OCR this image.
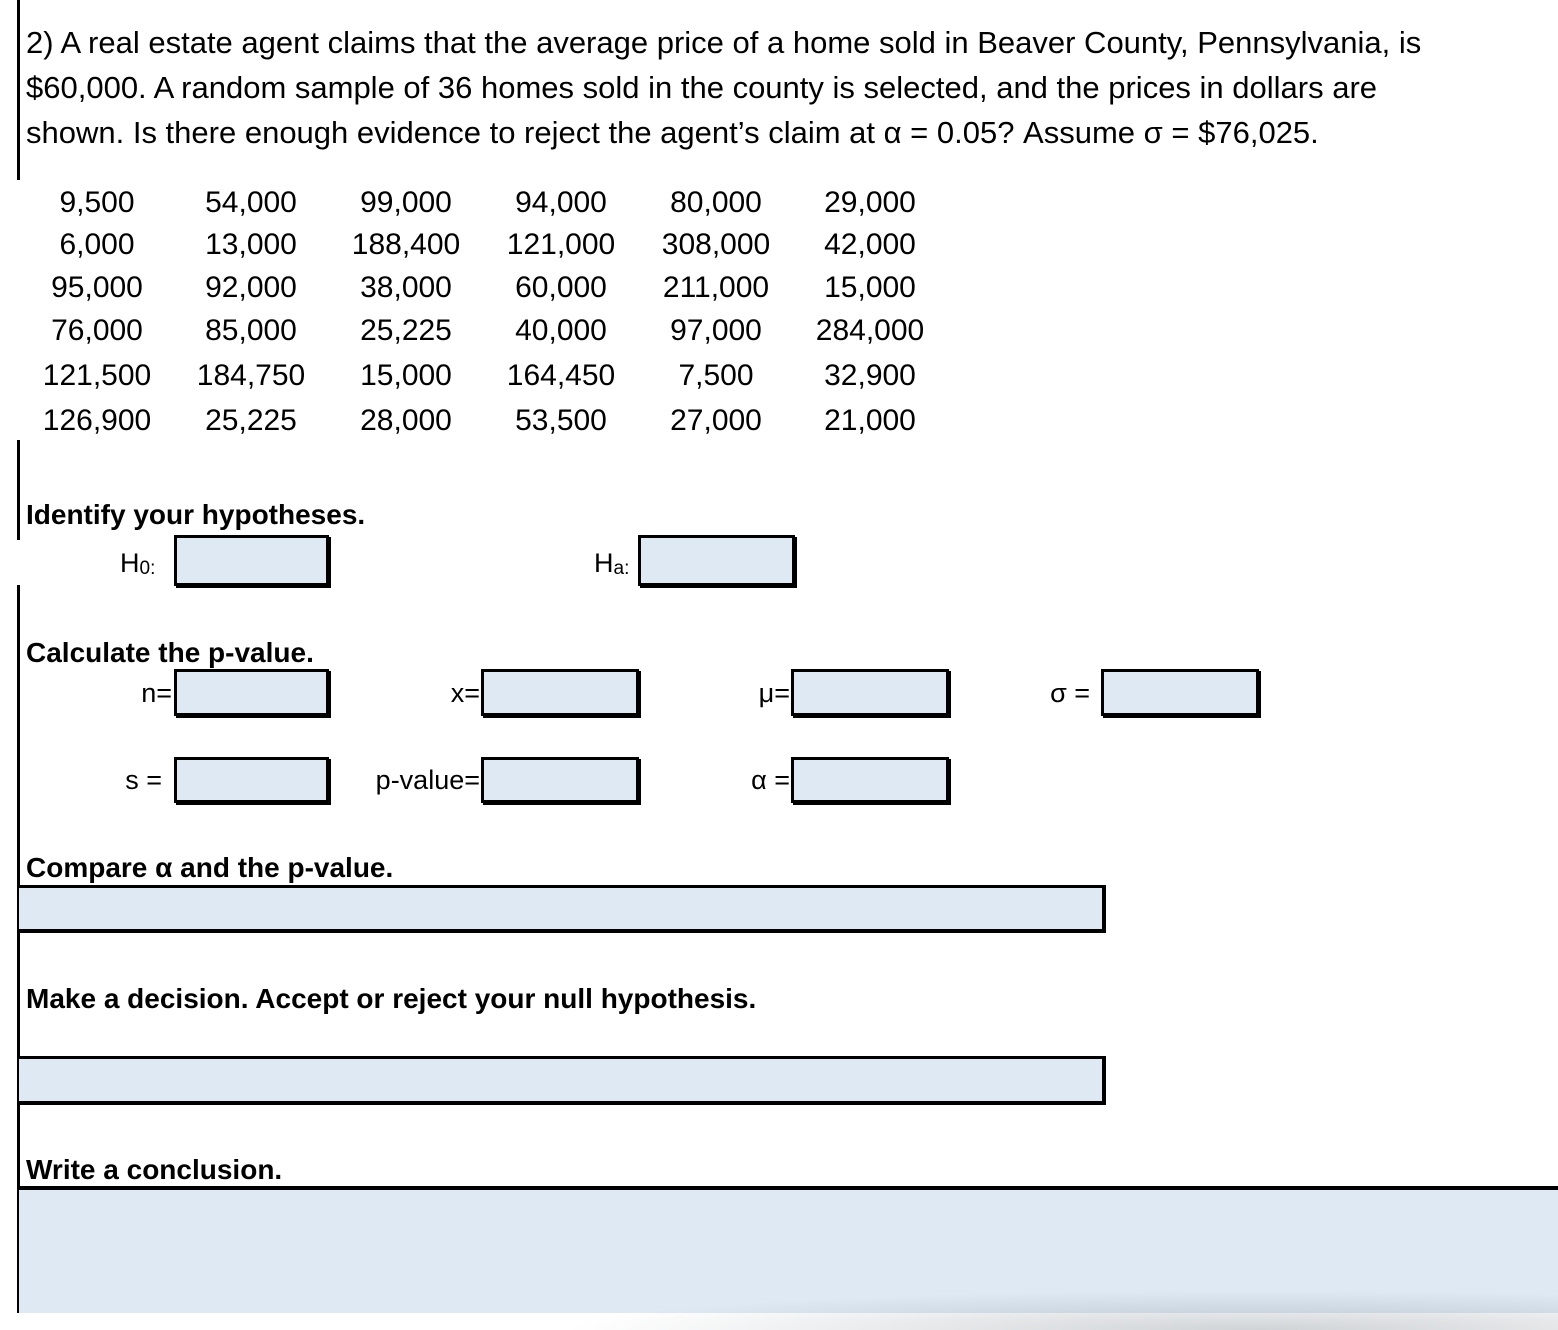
2) A real estate agent claims that the average price of a home sold in Beaver County, Pennsylvania, is

$60,000. A random sample of 36 homes sold in the county is selected, and the prices in dollars are

shown. Is there enough evidence to reject the agent’s claim at α = 0.05? Assume σ = $76,025.

9,500	54,000	99,000	94,000	80,000	29,000
6,000	13,000	188,400	121,000	308,000	42,000
95,000	92,000	38,000	60,000	211,000	15,000
76,000	85,000	25,225	40,000	97,000	284,000
121,500	184,750	15,000	164,450	7,500	32,900
126,900	25,225	28,000	53,500	27,000	21,000
Identify your hypotheses.
$H_{0:}$	$H_{a:}$
Calculate the p-value.
n=	x=	μ=	σ =
s =	p-value=	α =
Compare α and the p-value.
Make a decision. Accept or reject your null hypothesis.
Write a conclusion.
